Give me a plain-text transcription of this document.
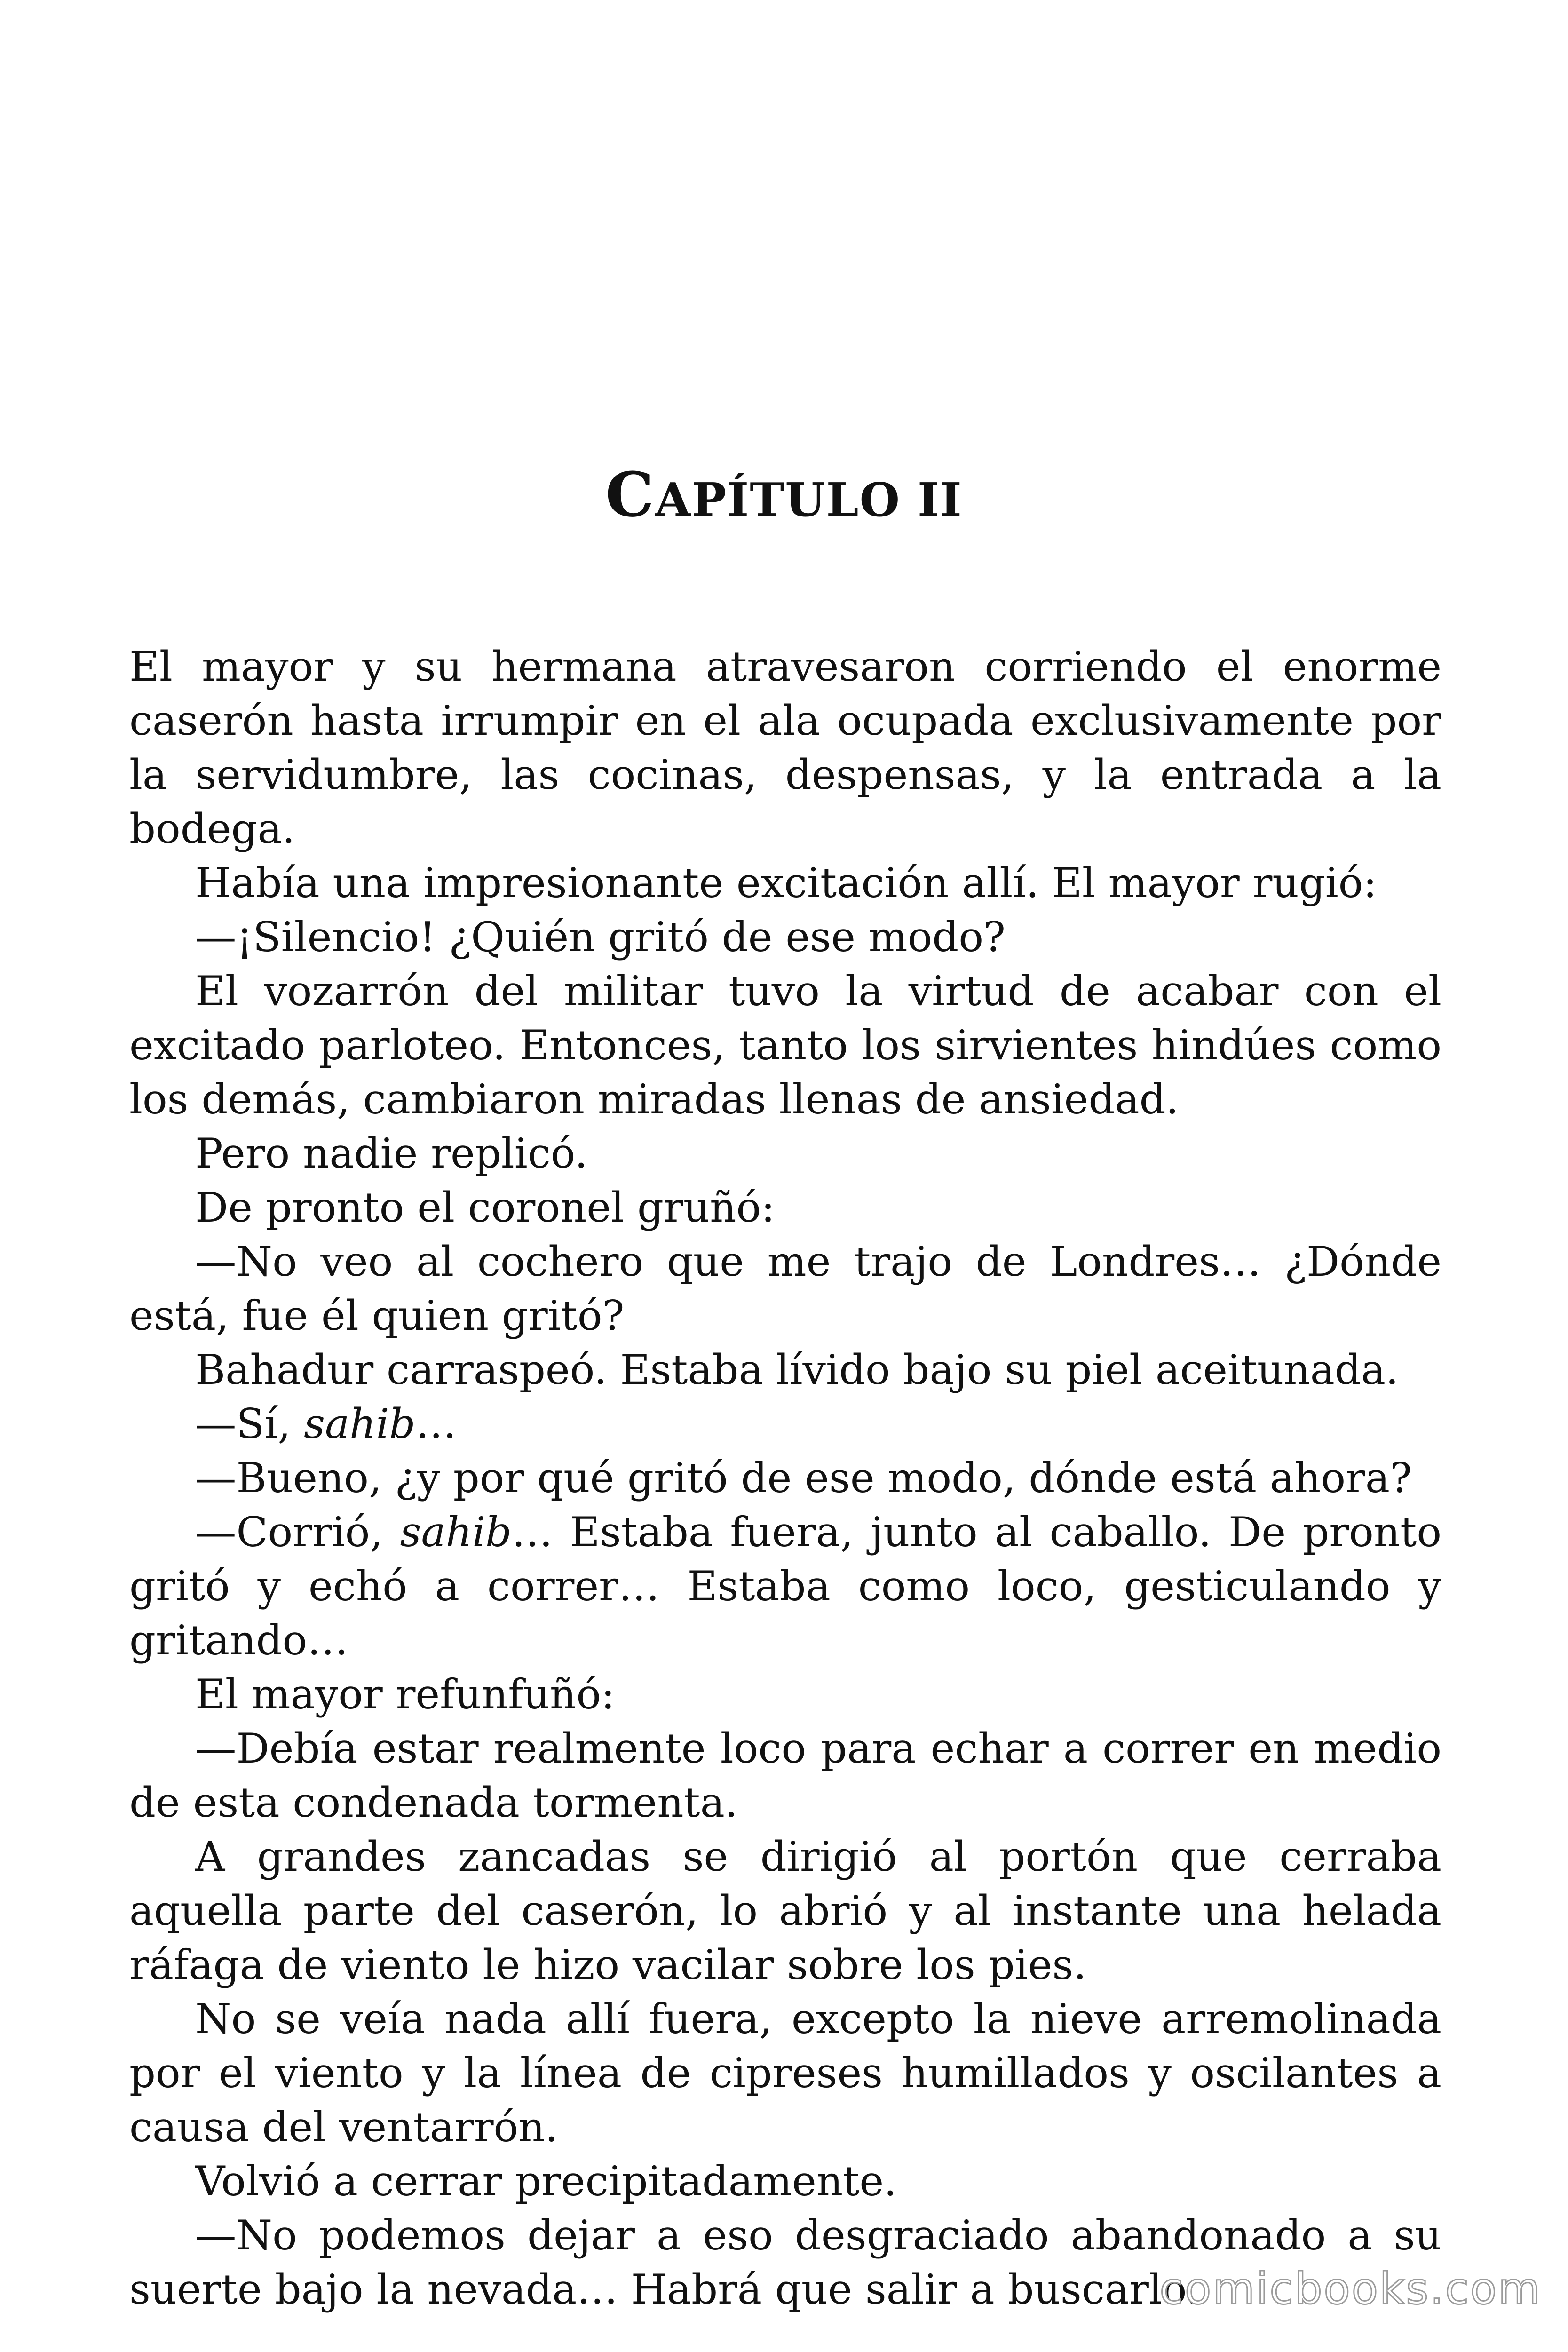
CAPÍTULO II

El mayor y su hermana atravesaron corriendo el enorme caserón hasta irrumpir en el ala ocupada exclusivamente por la servidumbre, las cocinas, despensas, y la entrada a la bodega.

Había una impresionante excitación allí. El mayor rugió:

—¡Silencio! ¿Quién gritó de ese modo?

El vozarrón del militar tuvo la virtud de acabar con el excitado parloteo. Entonces, tanto los sirvientes hindúes como los demás, cambiaron miradas llenas de ansiedad.

Pero nadie replicó.

De pronto el coronel gruñó:

—No veo al cochero que me trajo de Londres… ¿Dónde está, fue él quien gritó?

Bahadur carraspeó. Estaba lívido bajo su piel aceitunada.

—Sí, sahib…

—Bueno, ¿y por qué gritó de ese modo, dónde está ahora?

—Corrió, sahib… Estaba fuera, junto al caballo. De pronto gritó y echó a correr… Estaba como loco, gesticulando y gritando…

El mayor refunfuñó:

—Debía estar realmente loco para echar a correr en medio de esta condenada tormenta.

A grandes zancadas se dirigió al portón que cerraba aquella parte del caserón, lo abrió y al instante una helada ráfaga de viento le hizo vacilar sobre los pies.

No se veía nada allí fuera, excepto la nieve arremolinada por el viento y la línea de cipreses humillados y oscilantes a causa del ventarrón.

Volvió a cerrar precipitadamente.

—No podemos dejar a eso desgraciado abandonado a su suerte bajo la nevada… Habrá que salir a buscarlo.

comicbooks.com
